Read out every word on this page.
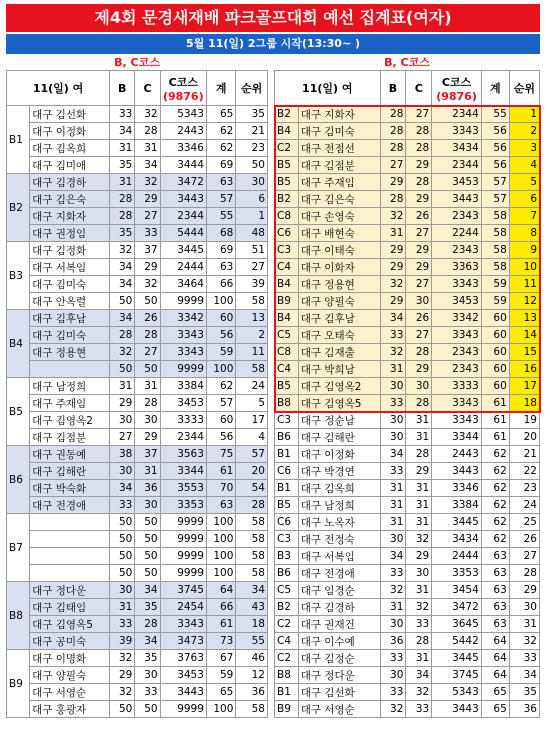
제4회 문경새재배 파크골프대회 예선 집계표(여자)
5월 11(일) 2그룹 시작(13:30~ )
B, C코스	B, C코스
11(일) 여		B	C	C코스
(9876)	계	순위
B1	대구 김선화	33	32	5343	65	35
	대구 이정화	34	28	2443	62	21
	대구 김옥희	31	31	3346	62	23
	대구 김미애	35	34	3444	69	50
B2	대구 김경하	31	32	3472	63	30
	대구 김은숙	28	29	3443	57	6
	대구 지화자	28	27	2344	55	1
	대구 권정임	35	33	5444	68	48
B3	대구 김정화	32	37	3445	69	51
	대구 서복임	34	29	2444	63	27
	대구 김미숙	34	32	3464	66	39
	대구 안옥렬	50	50	9999	100	58
B4	대구 김후남	34	26	3342	60	13
	대구 김미숙	28	28	3343	56	2
	대구 정용현	32	27	3343	59	11
		50	50	9999	100	58
B5	대구 남정희	31	31	3384	62	24
	대구 주재임	29	28	3453	57	5
	대구 김영옥2	30	30	3333	60	17
	대구 김점분	27	29	2344	56	4
B6	대구 권동예	38	37	3563	75	57
	대구 김해란	30	31	3344	61	20
	대구 박숙화	34	36	3553	70	54
	대구 전경애	33	30	3353	63	28
B7		50	50	9999	100	58
		50	50	9999	100	58
		50	50	9999	100	58
		50	50	9999	100	58
B8	대구 정다운	30	34	3745	64	34
	대구 김태임	31	35	2454	66	43
	대구 김영옥5	33	28	3343	61	18
	대구 공미숙	39	34	3473	73	55
B9	대구 이명화	32	35	3763	67	46
	대구 양필숙	29	30	3453	59	12
	대구 서영순	32	33	3443	65	36
	대구 홍광자	50	50	9999	100	58
11(일) 여		B	C	C코스
(9876)	계	순위
B2	대구 지화자	28	27	2344	55	1
B4	대구 김미숙	28	28	3343	56	2
C2	대구 전점선	28	28	3434	56	3
B5	대구 김점분	27	29	2344	56	4
B5	대구 주재임	29	28	3453	57	5
B2	대구 김은숙	28	29	3443	57	6
C8	대구 손영숙	32	26	2343	58	7
C6	대구 배현숙	31	27	2244	58	8
C3	대구 이태숙	29	29	2343	58	9
C4	대구 이화자	29	29	3363	58	10
B4	대구 정용현	32	27	3343	59	11
B9	대구 양필숙	29	30	3453	59	12
B4	대구 김후남	34	26	3342	60	13
C5	대구 오태숙	33	27	3343	60	14
C8	대구 김재출	32	28	2343	60	15
C4	대구 박희남	31	29	2343	60	16
B5	대구 김영옥2	30	30	3333	60	17
B8	대구 김영옥5	33	28	3343	61	18
C3	대구 정순남	30	31	3343	61	19
B6	대구 김해란	30	31	3344	61	20
B1	대구 이정화	34	28	2443	62	21
C6	대구 박경연	33	29	3443	62	22
B1	대구 김옥희	31	31	3346	62	23
B5	대구 남정희	31	31	3384	62	24
C6	대구 노옥자	31	31	3445	62	25
C3	대구 전정숙	30	32	3434	62	26
B3	대구 서복임	34	29	2444	63	27
B6	대구 전경애	33	30	3353	63	28
C5	대구 임경순	32	31	3454	63	29
B2	대구 김경하	31	32	3472	63	30
C2	대구 권재건	30	33	3645	63	31
C4	대구 이수예	36	28	5442	64	32
C2	대구 김정순	33	31	3445	64	33
B8	대구 정다운	30	34	3745	64	34
B1	대구 김선화	33	32	5343	65	35
B9	대구 서영순	32	33	3443	65	36
